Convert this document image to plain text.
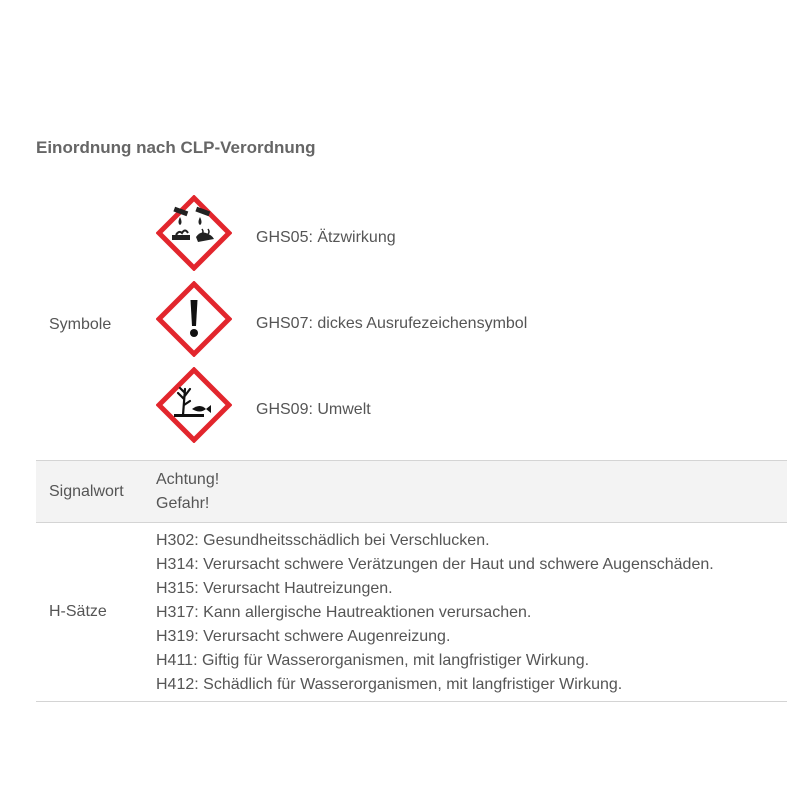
Einordnung nach CLP-Verordnung
Symbole
GHS05: Ätzwirkung
GHS07: dickes Ausrufezeichensymbol
GHS09: Umwelt
Signalwort
Achtung!
Gefahr!
H-Sätze
H302: Gesundheitsschädlich bei Verschlucken.
H314: Verursacht schwere Verätzungen der Haut und schwere Augenschäden.
H315: Verursacht Hautreizungen.
H317: Kann allergische Hautreaktionen verursachen.
H319: Verursacht schwere Augenreizung.
H411: Giftig für Wasserorganismen, mit langfristiger Wirkung.
H412: Schädlich für Wasserorganismen, mit langfristiger Wirkung.
